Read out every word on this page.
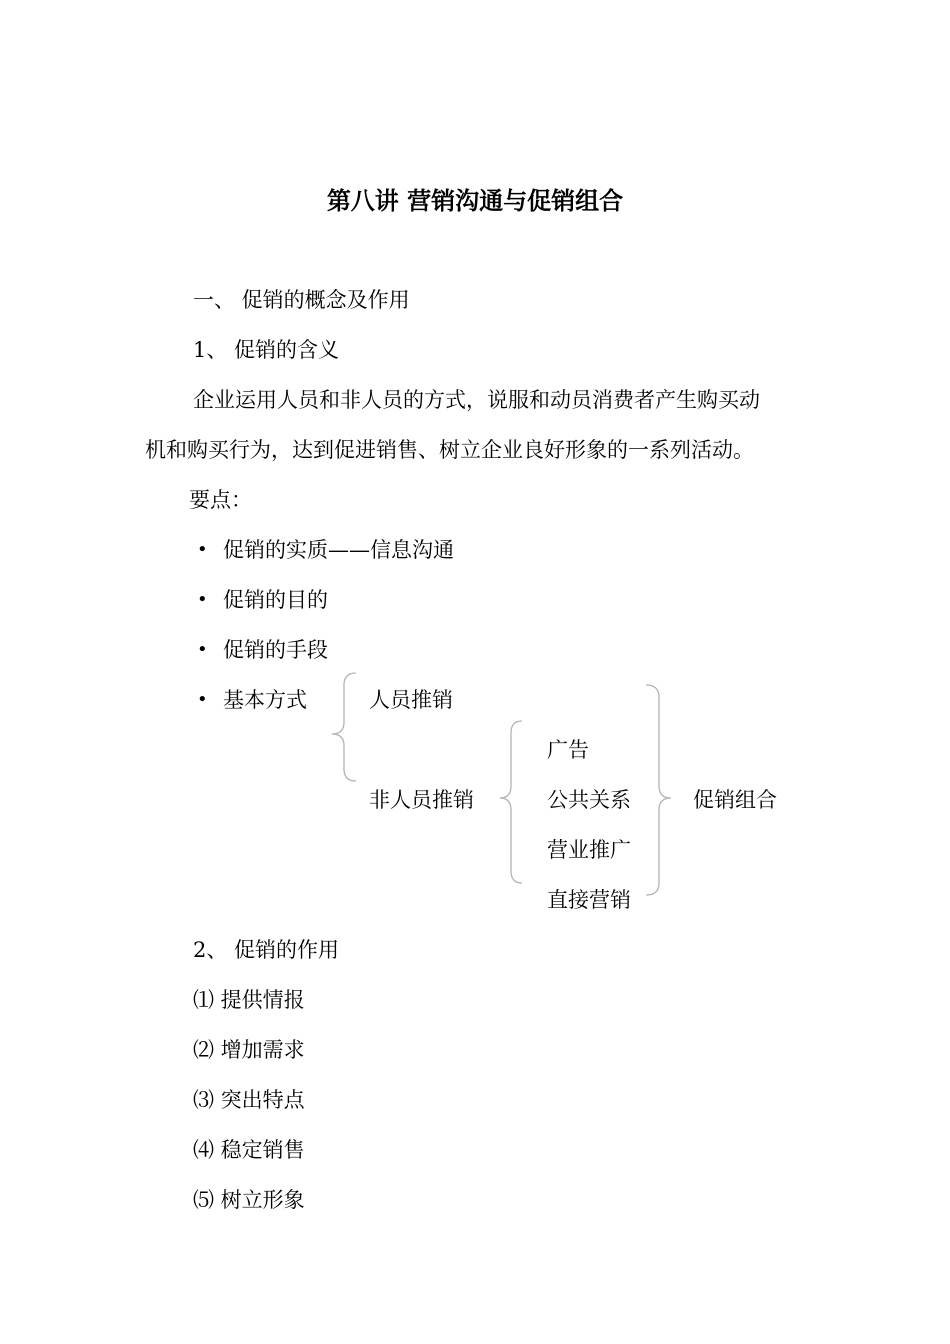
第八讲 营销沟通与促销组合
一、 促销的概念及作用
1、 促销的含义
企业运用人员和非人员的方式，说服和动员消费者产生购买动
机和购买行为，达到促进销售、树立企业良好形象的一系列活动。
要点：
• 促销的实质——信息沟通
• 促销的目的
• 促销的手段
• 基本方式	人员推销
非人员推销
广告
公共关系
营业推广
直接营销
促销组合
2、 促销的作用
⑴ 提供情报
⑵ 增加需求
⑶ 突出特点
⑷ 稳定销售
⑸ 树立形象
